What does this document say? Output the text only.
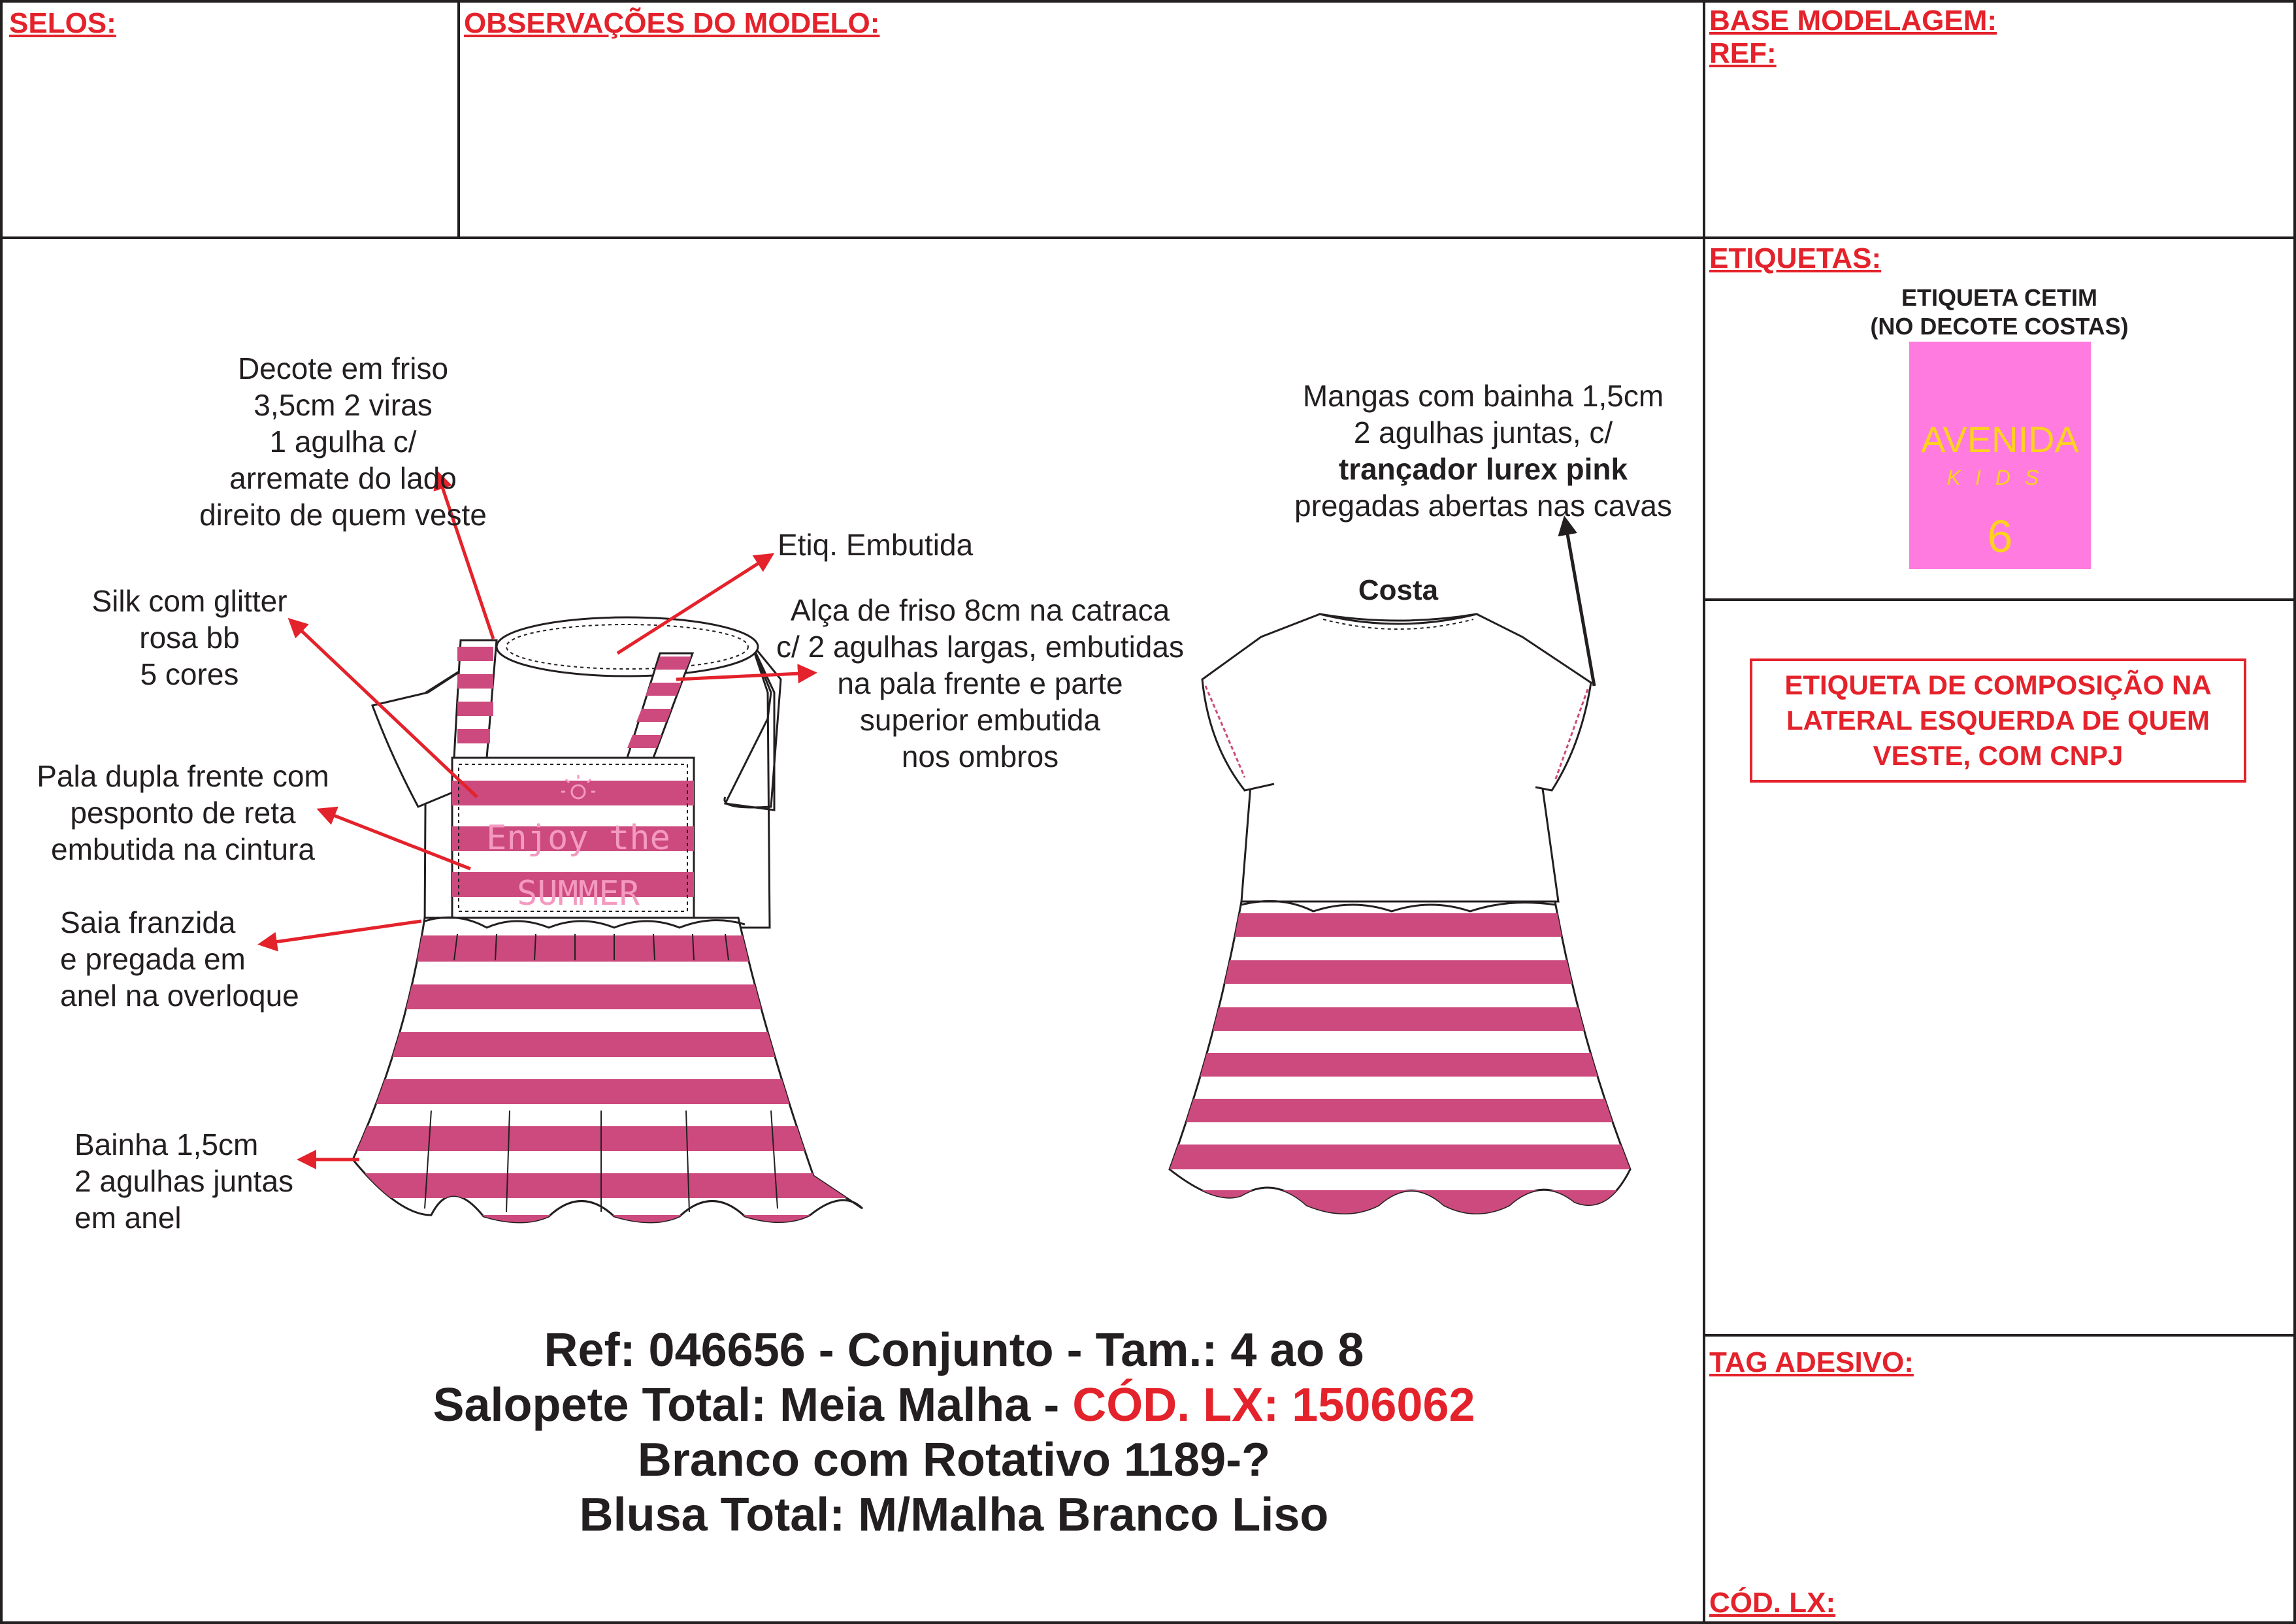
SELOS:	OBSERVAÇÕES DO MODELO:	BASE MODELAGEM:
REF:
ETIQUETAS:
TAG ADESIVO:
CÓD. LX:
ETIQUETA CETIM
(NO DECOTE COSTAS)
AVENIDA
KIDS
6
ETIQUETA DE COMPOSIÇÃO NA LATERAL ESQUERDA DE QUEM VESTE, COM CNPJ
Enjoy the
SUMMER
Decote em friso
3,5cm 2 viras
1 agulha c/
arremate do lado
direito de quem veste
Etiq. Embutida
Silk com glitter
rosa bb
5 cores
Alça de friso 8cm na catraca
c/ 2 agulhas largas, embutidas
na pala frente e parte
superior embutida
nos ombros
Pala dupla frente com
pesponto de reta
embutida na cintura
Saia franzida
e pregada em
anel na overloque
Bainha 1,5cm
2 agulhas juntas
em anel
Mangas com bainha 1,5cm
2 agulhas juntas, c/
trançador lurex pink
pregadas abertas nas cavas
Costa
Ref: 046656 - Conjunto - Tam.: 4 ao 8
Salopete Total: Meia Malha - CÓD. LX: 1506062
Branco com Rotativo 1189-?
Blusa Total: M/Malha Branco Liso
